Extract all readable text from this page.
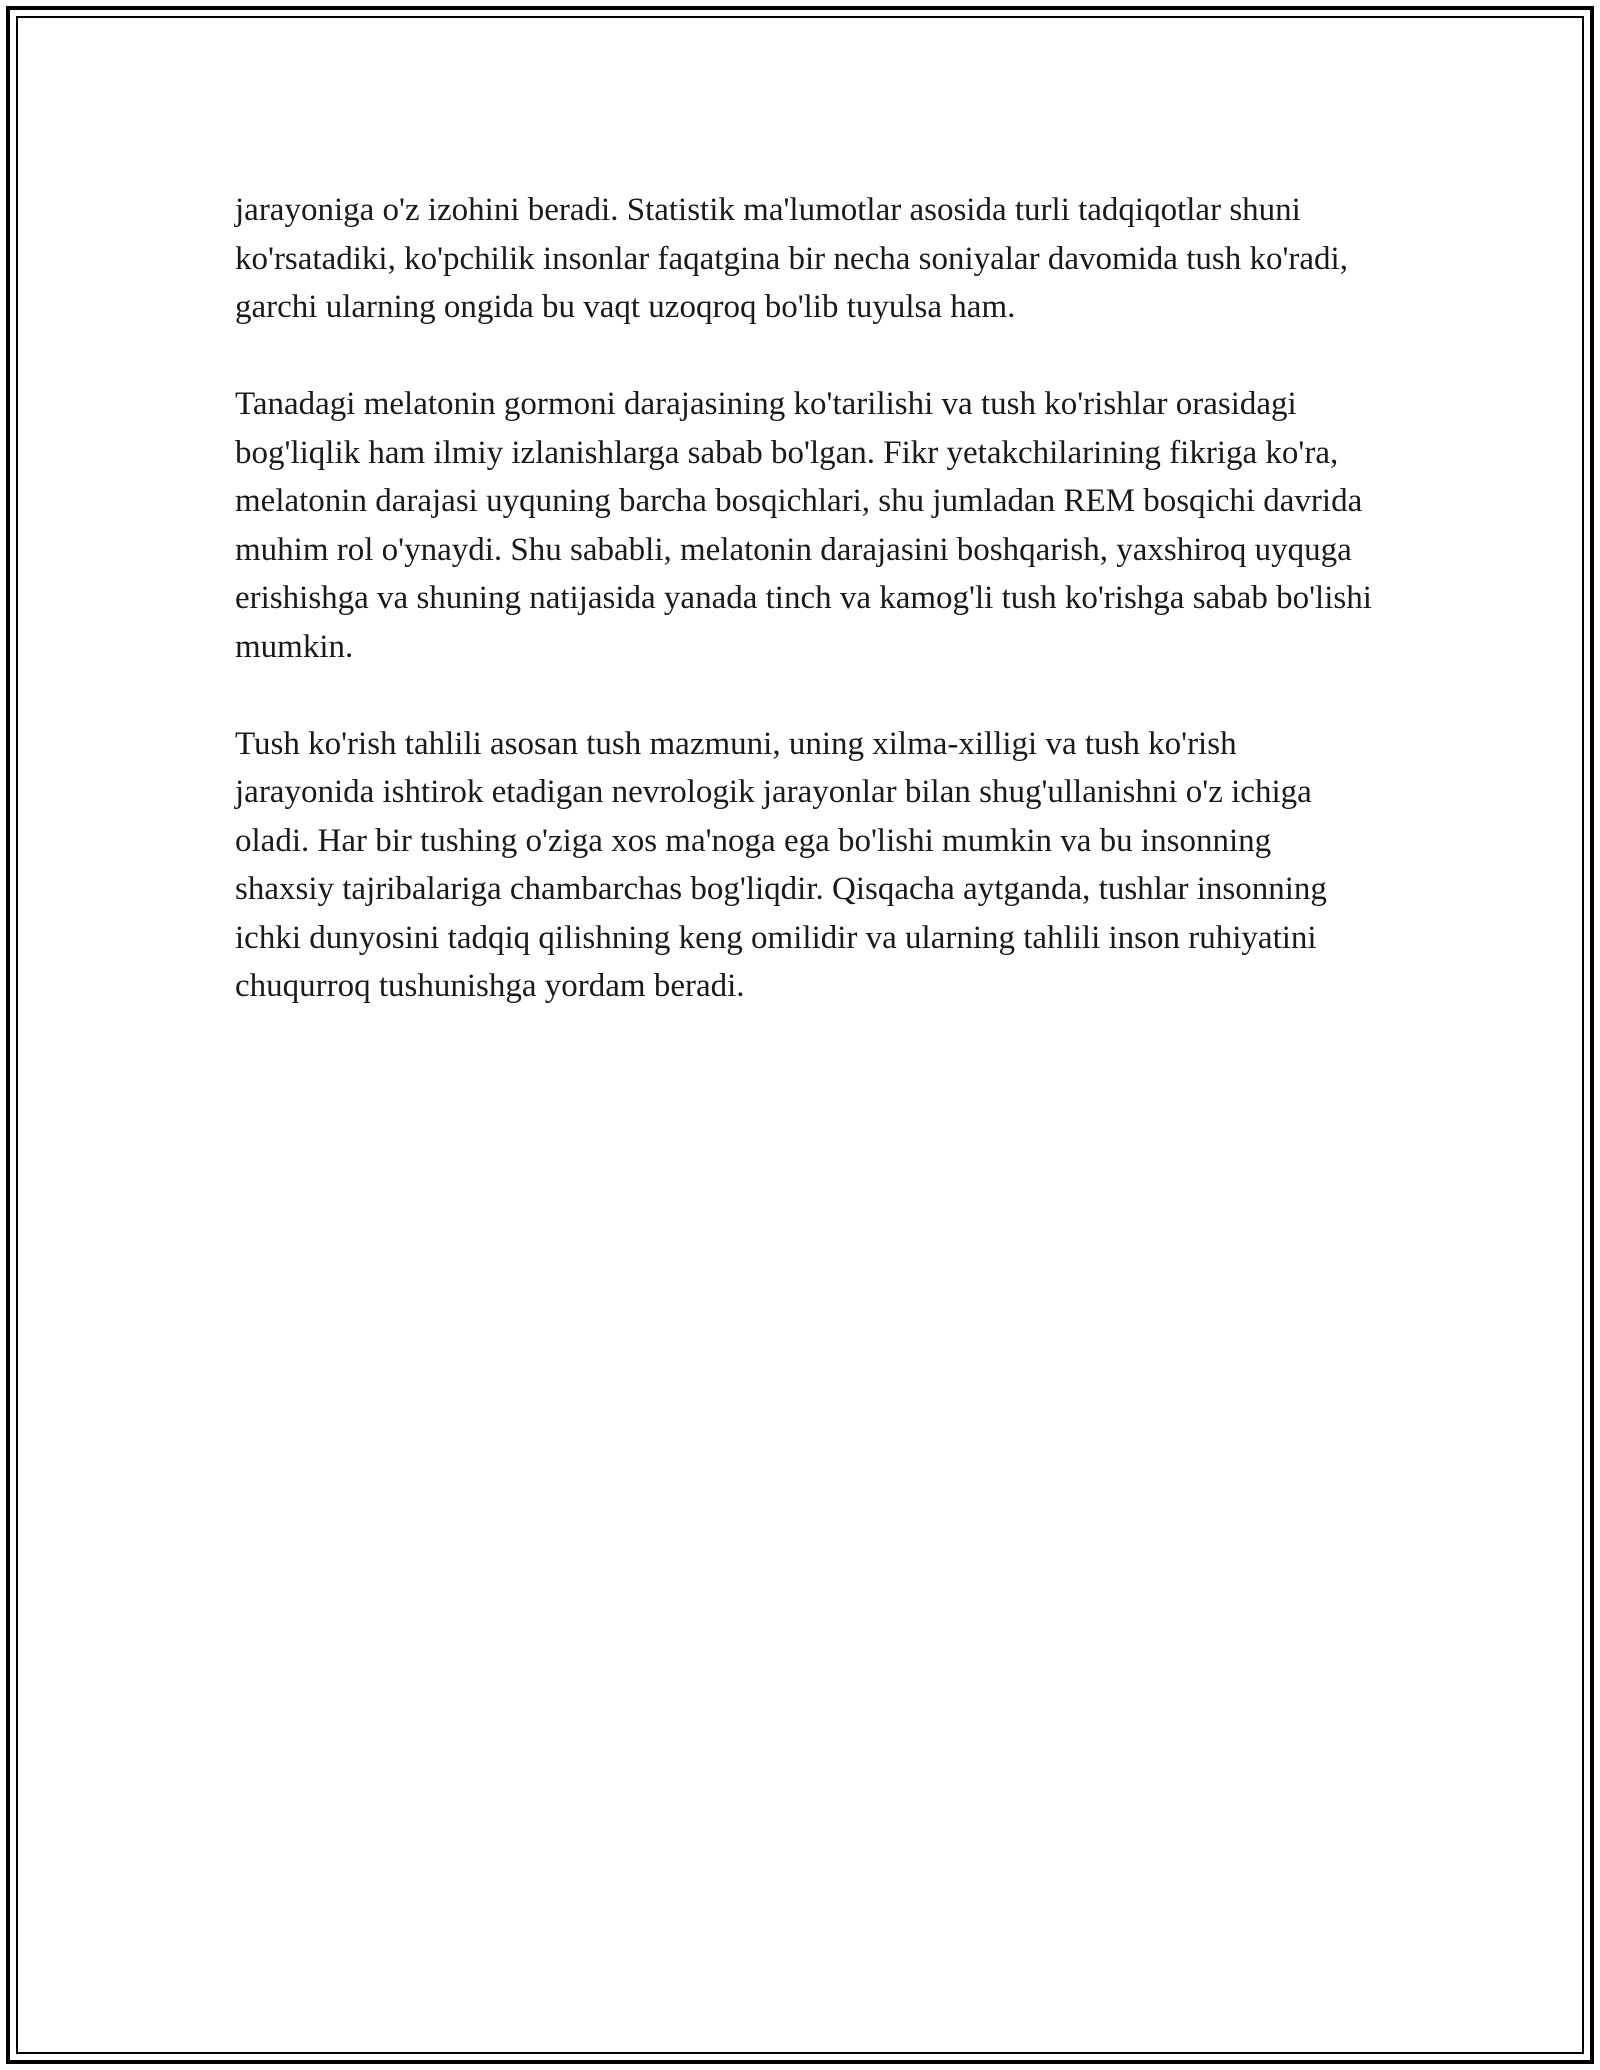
jarayoniga o'z izohini beradi. Statistik ma'lumotlar asosida turli tadqiqotlar shuni ko'rsatadiki, ko'pchilik insonlar faqatgina bir necha soniyalar davomida tush ko'radi, garchi ularning ongida bu vaqt uzoqroq bo'lib tuyulsa ham.

Tanadagi melatonin gormoni darajasining ko'tarilishi va tush ko'rishlar orasidagi bog'liqlik ham ilmiy izlanishlarga sabab bo'lgan. Fikr yetakchilarining fikriga ko'ra, melatonin darajasi uyquning barcha bosqichlari, shu jumladan REM bosqichi davrida muhim rol o'ynaydi. Shu sababli, melatonin darajasini boshqarish, yaxshiroq uyquga erishishga va shuning natijasida yanada tinch va kamog'li tush ko'rishga sabab bo'lishi mumkin.

Tush ko'rish tahlili asosan tush mazmuni, uning xilma-xilligi va tush ko'rish jarayonida ishtirok etadigan nevrologik jarayonlar bilan shug'ullanishni o'z ichiga oladi. Har bir tushing o'ziga xos ma'noga ega bo'lishi mumkin va bu insonning shaxsiy tajribalariga chambarchas bog'liqdir. Qisqacha aytganda, tushlar insonning ichki dunyosini tadqiq qilishning keng omilidir va ularning tahlili inson ruhiyatini chuqurroq tushunishga yordam beradi.
